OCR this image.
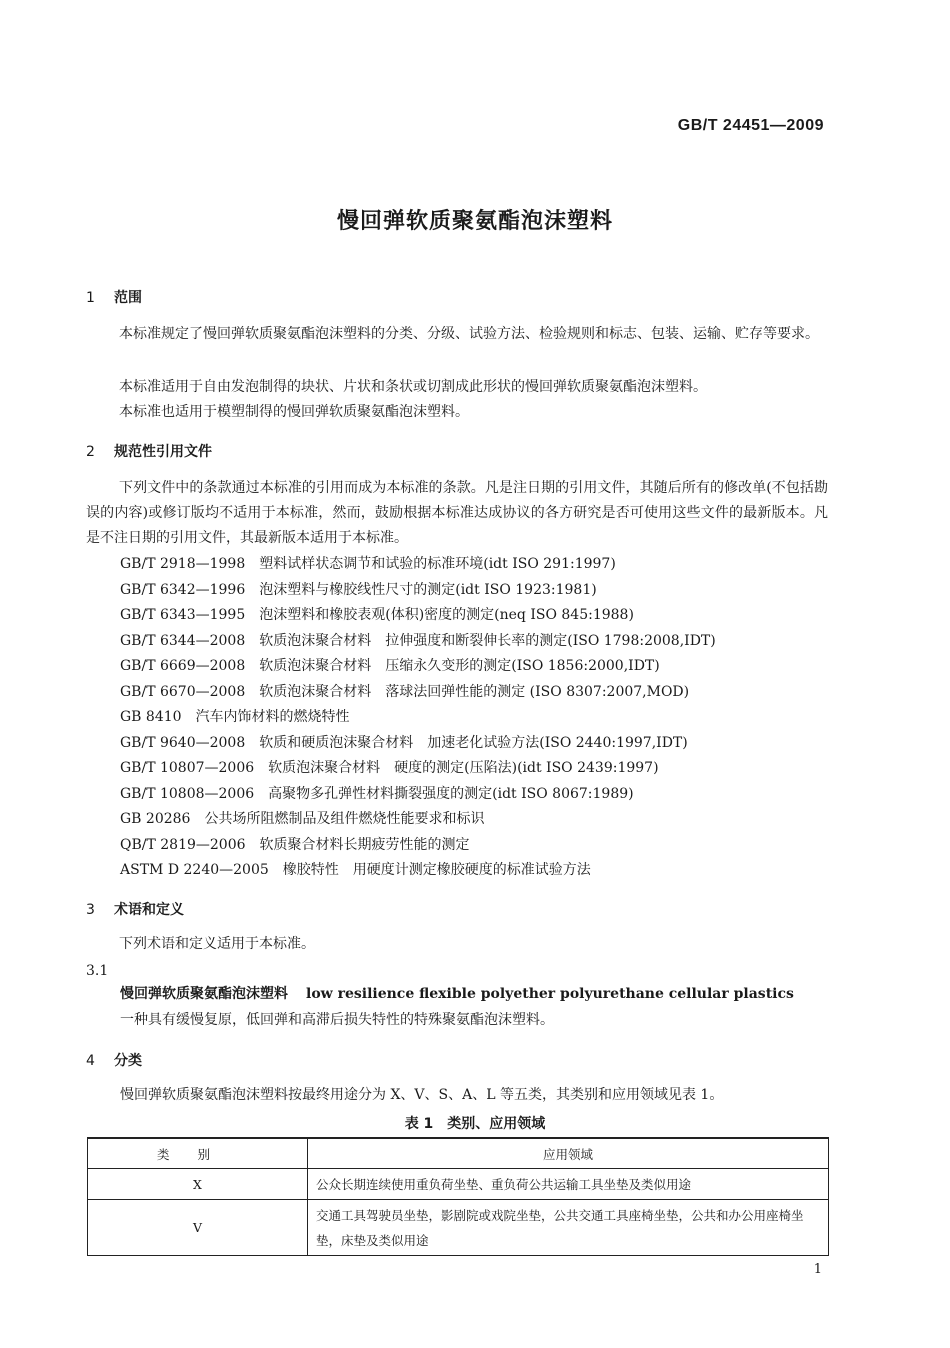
GB/T 24451—2009
慢回弹软质聚氨酯泡沫塑料
1 范围
本标准规定了慢回弹软质聚氨酯泡沫塑料的分类、分级、试验方法、检验规则和标志、包装、运输、贮存等要求。
本标准适用于自由发泡制得的块状、片状和条状或切割成此形状的慢回弹软质聚氨酯泡沫塑料。
本标准也适用于模塑制得的慢回弹软质聚氨酯泡沫塑料。
2 规范性引用文件
下列文件中的条款通过本标准的引用而成为本标准的条款。凡是注日期的引用文件，其随后所有的修改单(不包括勘误的内容)或修订版均不适用于本标准，然而，鼓励根据本标准达成协议的各方研究是否可使用这些文件的最新版本。凡是不注日期的引用文件，其最新版本适用于本标准。
GB/T 2918—1998 塑料试样状态调节和试验的标准环境(idt ISO 291:1997)
GB/T 6342—1996 泡沫塑料与橡胶线性尺寸的测定(idt ISO 1923:1981)
GB/T 6343—1995 泡沫塑料和橡胶表观(体积)密度的测定(neq ISO 845:1988)
GB/T 6344—2008 软质泡沫聚合材料　拉伸强度和断裂伸长率的测定(ISO 1798:2008,IDT)
GB/T 6669—2008 软质泡沫聚合材料　压缩永久变形的测定(ISO 1856:2000,IDT)
GB/T 6670—2008 软质泡沫聚合材料　落球法回弹性能的测定 (ISO 8307:2007,MOD)
GB 8410 汽车内饰材料的燃烧特性
GB/T 9640—2008 软质和硬质泡沫聚合材料　加速老化试验方法(ISO 2440:1997,IDT)
GB/T 10807—2006 软质泡沫聚合材料　硬度的测定(压陷法)(idt ISO 2439:1997)
GB/T 10808—2006 高聚物多孔弹性材料撕裂强度的测定(idt ISO 8067:1989)
GB 20286 公共场所阻燃制品及组件燃烧性能要求和标识
QB/T 2819—2006 软质聚合材料长期疲劳性能的测定
ASTM D 2240—2005 橡胶特性　用硬度计测定橡胶硬度的标准试验方法
3 术语和定义
下列术语和定义适用于本标准。
3.1
慢回弹软质聚氨酯泡沫塑料 low resilience flexible polyether polyurethane cellular plastics
一种具有缓慢复原，低回弹和高滞后损失特性的特殊聚氨酯泡沫塑料。
4 分类
慢回弹软质聚氨酯泡沫塑料按最终用途分为 X、V、S、A、L 等五类，其类别和应用领域见表 1。
表 1　类别、应用领域
类别	应用领域
X	公众长期连续使用重负荷坐垫、重负荷公共运输工具坐垫及类似用途
V	交通工具驾驶员坐垫，影剧院或戏院坐垫，公共交通工具座椅坐垫，公共和办公用座椅坐垫，床垫及类似用途
1
